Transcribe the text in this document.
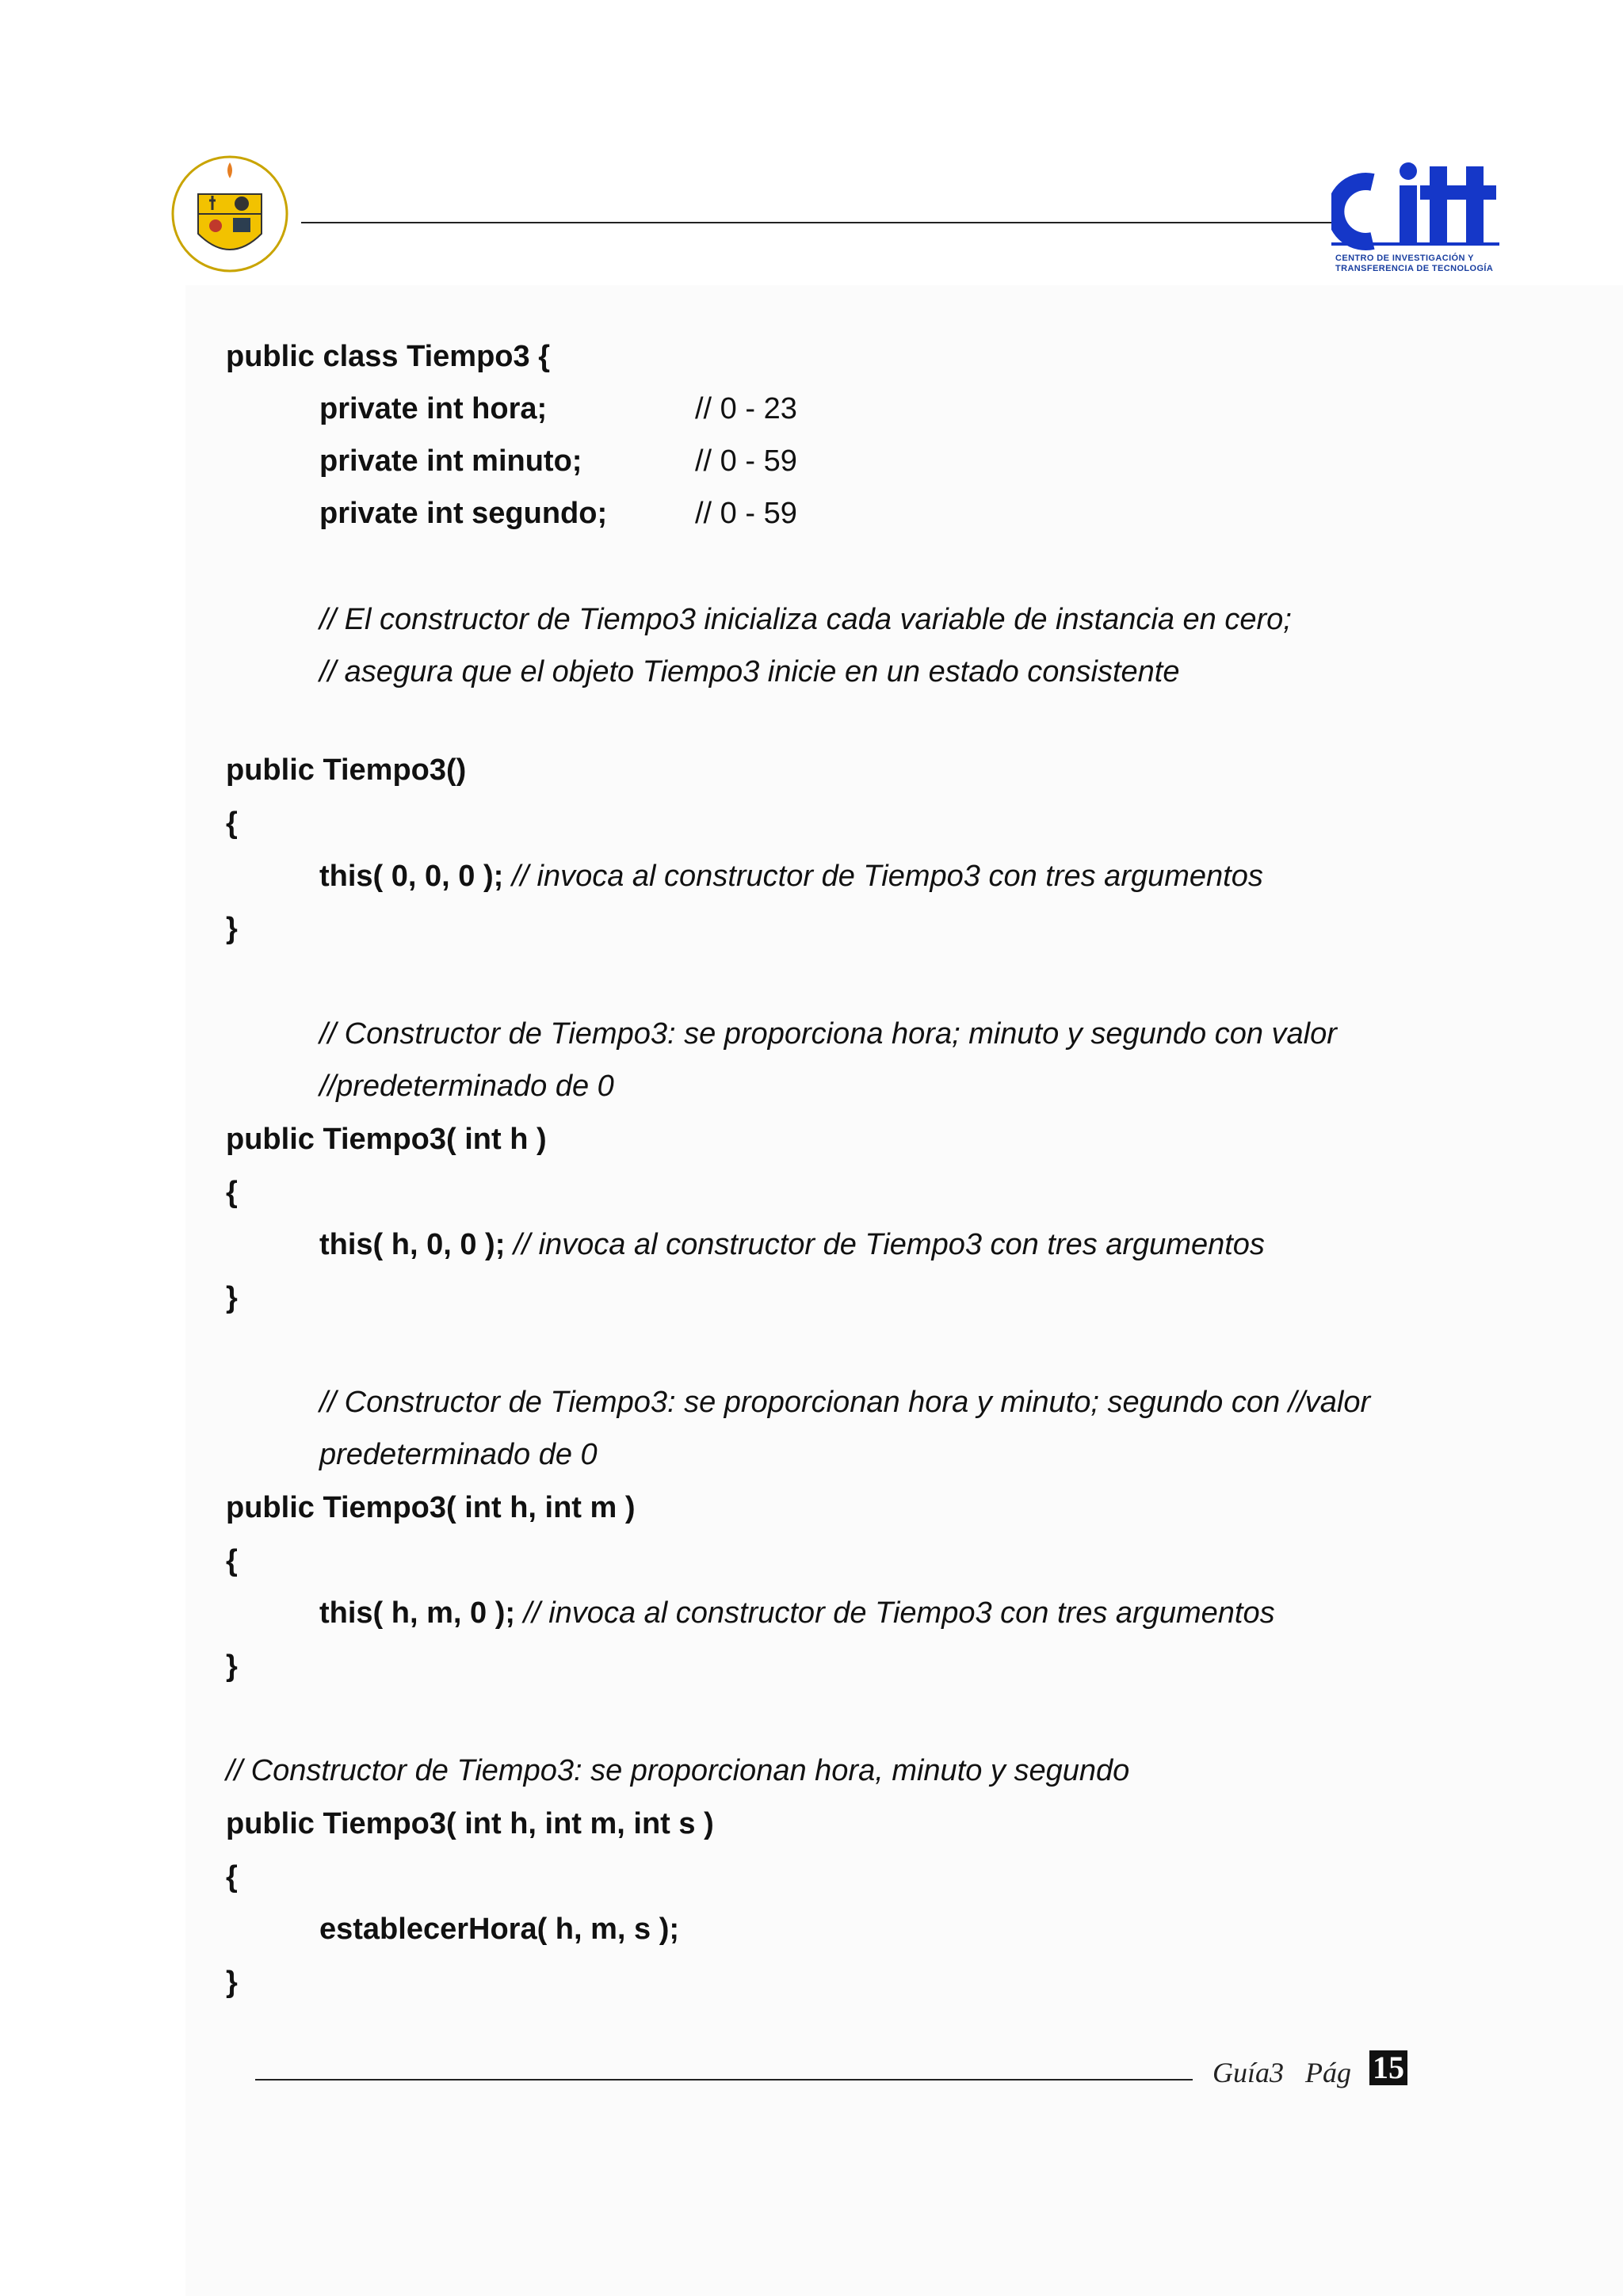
CENTRO DE INVESTIGACIÓN Y
TRANSFERENCIA DE TECNOLOGÍA
public class Tiempo3 {
private int hora;	// 0 - 23
private int minuto;	// 0 - 59
private int segundo;	// 0 - 59
// El constructor de Tiempo3 inicializa cada variable de instancia en cero;
// asegura que el objeto Tiempo3 inicie en un estado consistente
public Tiempo3()
{
this( 0, 0, 0 ); // invoca al constructor de Tiempo3 con tres argumentos
}
// Constructor de Tiempo3: se proporciona hora; minuto y segundo con valor
//predeterminado de 0
public Tiempo3( int h )
{
this( h, 0, 0 ); // invoca al constructor de Tiempo3 con tres argumentos
}
// Constructor de Tiempo3: se proporcionan hora y minuto; segundo con //valor
predeterminado de 0
public Tiempo3( int h, int m )
{
this( h, m, 0 ); // invoca al constructor de Tiempo3 con tres argumentos
}
// Constructor de Tiempo3: se proporcionan hora, minuto y segundo
public Tiempo3( int h, int m, int s )
{
establecerHora( h, m, s );
}
Guía3 Pág 15
